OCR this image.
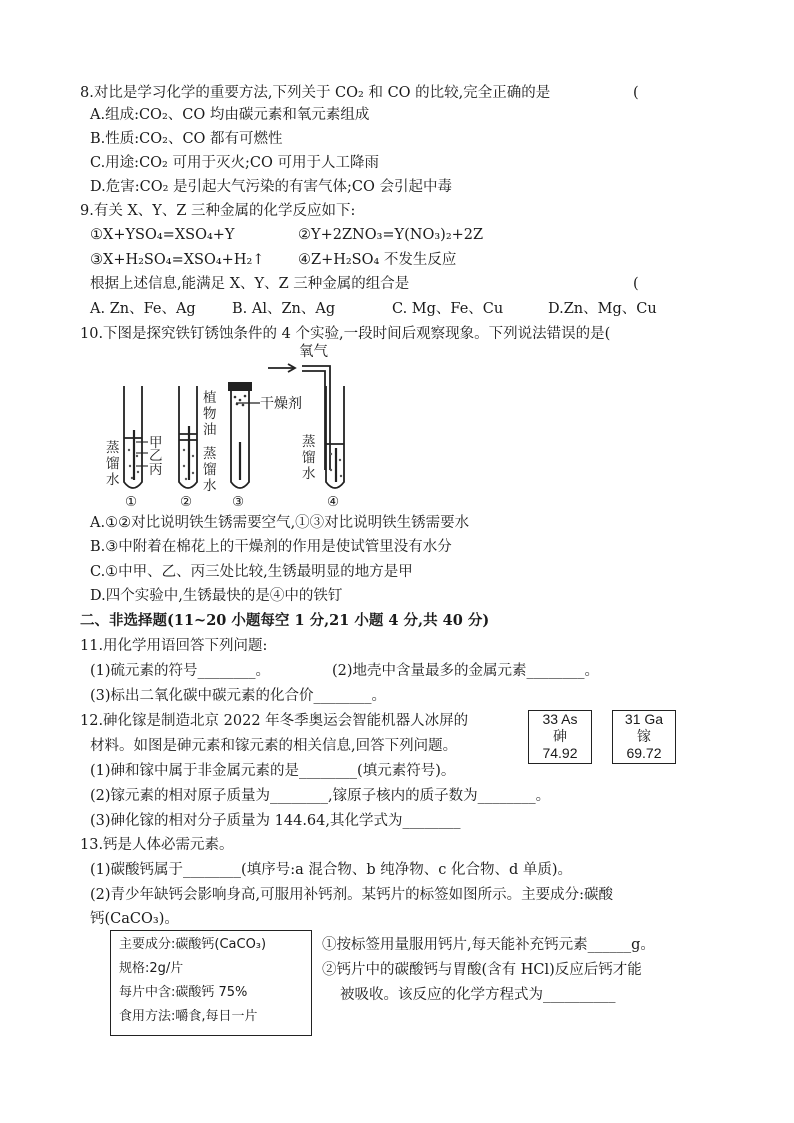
8.对比是学习化学的重要方法,下列关于 CO₂ 和 CO 的比较,完全正确的是	(
A.组成:CO₂、CO 均由碳元素和氧元素组成
B.性质:CO₂、CO 都有可燃性
C.用途:CO₂ 可用于灭火;CO 可用于人工降雨
D.危害:CO₂ 是引起大气污染的有害气体;CO 会引起中毒
9.有关 X、Y、Z 三种金属的化学反应如下:
①X+YSO₄=XSO₄+Y	②Y+2ZNO₃=Y(NO₃)₂+2Z
③X+H₂SO₄=XSO₄+H₂↑ ④Z+H₂SO₄ 不发生反应
根据上述信息,能满足 X、Y、Z 三种金属的组合是	(
A. Zn、Fe、Ag	B. Al、Zn、Ag	C. Mg、Fe、Cu	D.Zn、Mg、Cu
10.下图是探究铁钉锈蚀条件的 4 个实验,一段时间后观察现象。下列说法错误的是(
氧气
干燥剂
甲
乙
丙
蒸馏水
植物油
蒸馏水
蒸馏水
①	②	③	④
A.①②对比说明铁生锈需要空气,①③对比说明铁生锈需要水
B.③中附着在棉花上的干燥剂的作用是使试管里没有水分
C.①中甲、乙、丙三处比较,生锈最明显的地方是甲
D.四个实验中,生锈最快的是④中的铁钉
二、非选择题(11~20 小题每空 1 分,21 小题 4 分,共 40 分)
11.用化学用语回答下列问题:
(1)硫元素的符号________。	(2)地壳中含量最多的金属元素________。
(3)标出二氧化碳中碳元素的化合价________。
12.砷化镓是制造北京 2022 年冬季奥运会智能机器人冰屏的
材料。如图是砷元素和镓元素的相关信息,回答下列问题。
(1)砷和镓中属于非金属元素的是________(填元素符号)。
(2)镓元素的相对原子质量为________,镓原子核内的质子数为________。
(3)砷化镓的相对分子质量为 144.64,其化学式为________
33 As
砷
74.92
31 Ga
镓
69.72
13.钙是人体必需元素。
(1)碳酸钙属于________(填序号:a 混合物、b 纯净物、c 化合物、d 单质)。
(2)青少年缺钙会影响身高,可服用补钙剂。某钙片的标签如图所示。主要成分:碳酸
钙(CaCO₃)。
主要成分:碳酸钙(CaCO₃)
规格:2g/片
每片中含:碳酸钙 75%
食用方法:嚼食,每日一片
①按标签用量服用钙片,每天能补充钙元素______g。
②钙片中的碳酸钙与胃酸(含有 HCl)反应后钙才能
被吸收。该反应的化学方程式为__________
